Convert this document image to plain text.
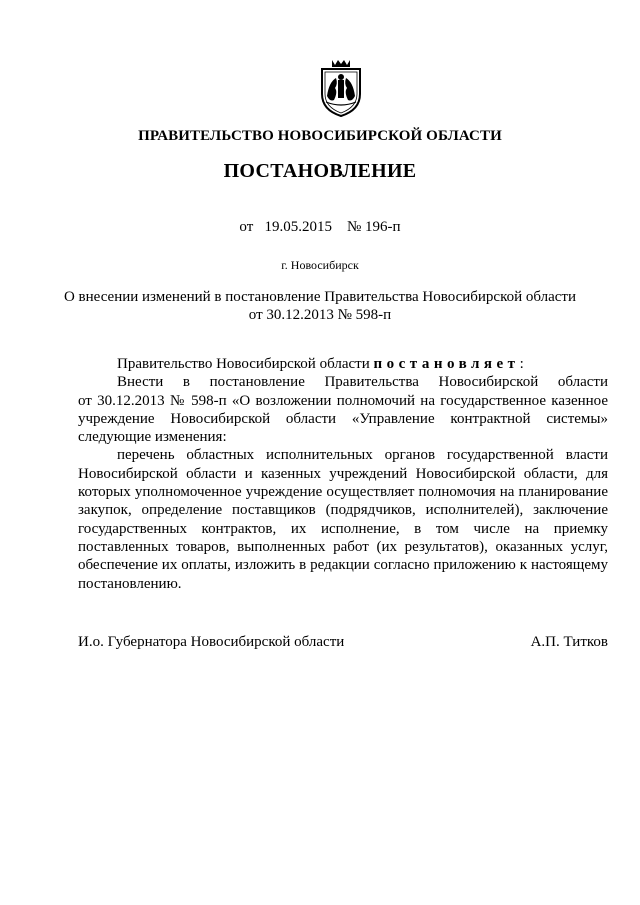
ПРАВИТЕЛЬСТВО НОВОСИБИРСКОЙ ОБЛАСТИ
ПОСТАНОВЛЕНИЕ
от 19.05.2015 № 196-п
г. Новосибирск
О внесении изменений в постановление Правительства Новосибирской области
от 30.12.2013 № 598-п
Правительство Новосибирской области постановляет:
Внести в постановление Правительства Новосибирской области
от 30.12.2013 № 598-п «О возложении полномочий на государственное казенное
учреждение Новосибирской области «Управление контрактной системы»
следующие изменения:
перечень областных исполнительных органов государственной власти
Новосибирской области и казенных учреждений Новосибирской области, для
которых уполномоченное учреждение осуществляет полномочия на планирование
закупок, определение поставщиков (подрядчиков, исполнителей), заключение
государственных контрактов, их исполнение, в том числе на приемку
поставленных товаров, выполненных работ (их результатов), оказанных услуг,
обеспечение их оплаты, изложить в редакции согласно приложению к настоящему
постановлению.
И.о. Губернатора Новосибирской области	А.П. Титков
